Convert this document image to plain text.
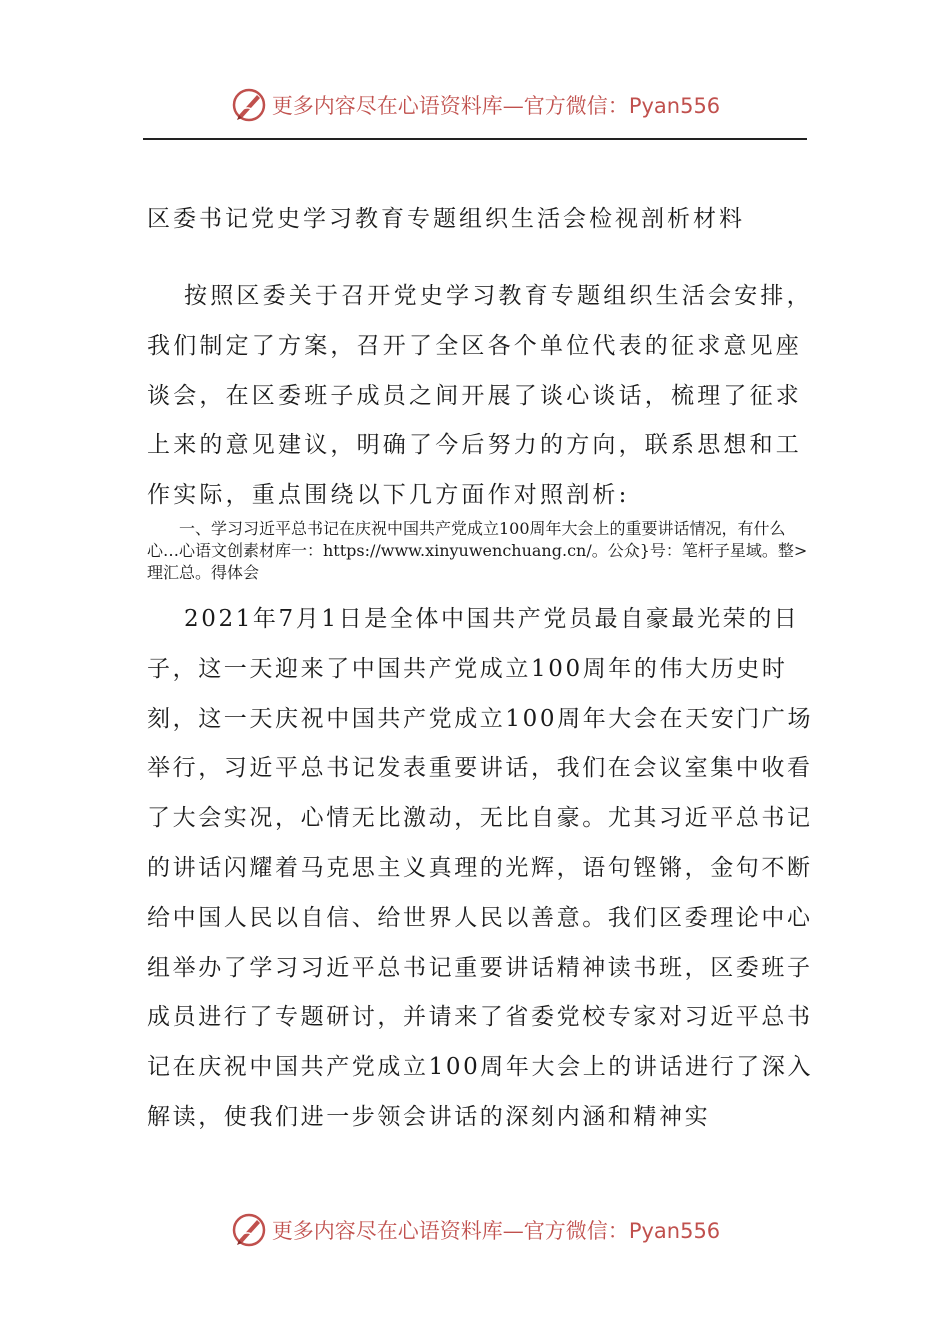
更多内容尽在心语资料库—官方微信：Pyan556
区委书记党史学习教育专题组织生活会检视剖析材料

按照区委关于召开党史学习教育专题组织生活会安排，我们制定了方案，召开了全区各个单位代表的征求意见座谈会，在区委班子成员之间开展了谈心谈话，梳理了征求上来的意见建议，明确了今后努力的方向，联系思想和工作实际，重点围绕以下几方面作对照剖析:

一、学习习近平总书记在庆祝中国共产党成立100周年大会上的重要讲话情况，有什么心…心语文创素材库一：https://www.xinyuwenchuang.cn/。公众}号：笔杆子星域。整>理汇总。得体会

2021年7月1日是全体中国共产党员最自豪最光荣的日子，这一天迎来了中国共产党成立100周年的伟大历史时刻，这一天庆祝中国共产党成立100周年大会在天安门广场举行，习近平总书记发表重要讲话，我们在会议室集中收看了大会实况，心情无比激动，无比自豪。尤其习近平总书记的讲话闪耀着马克思主义真理的光辉，语句铿锵，金句不断给中国人民以自信、给世界人民以善意。我们区委理论中心组举办了学习习近平总书记重要讲话精神读书班，区委班子成员进行了专题研讨，并请来了省委党校专家对习近平总书记在庆祝中国共产党成立100周年大会上的讲话进行了深入解读，使我们进一步领会讲话的深刻内涵和精神实

更多内容尽在心语资料库—官方微信：Pyan556
